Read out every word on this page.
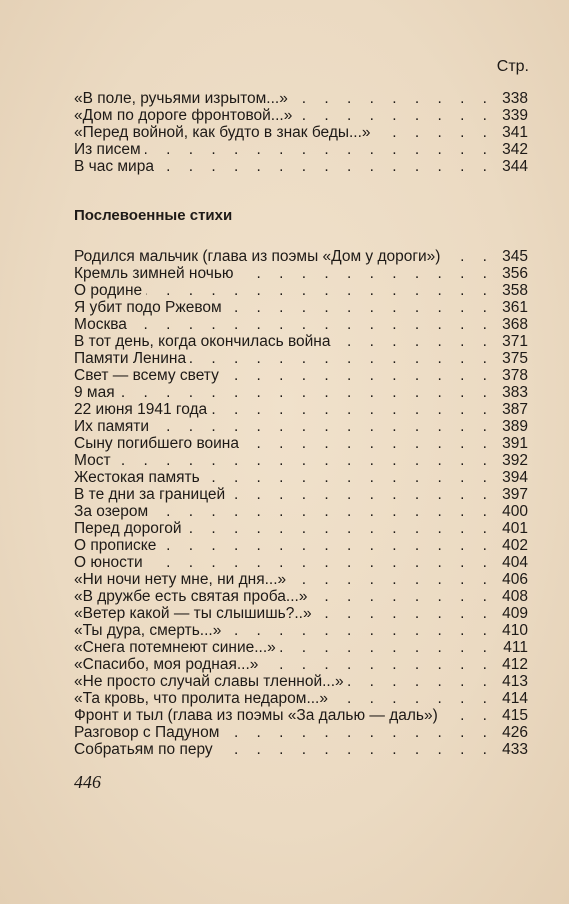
Стр.
«В поле, ручьями изрытом...» . . .	338
«Дом по дороге фронтовой...» . . .	339
«Перед войной, как будто в знак беды...» . . .	341
Из писем . . .	342
В час мира . . .	344
Послевоенные стихи
Родился мальчик (глава из поэмы «Дом у дороги») . . .	345
Кремль зимней ночью . . .	356
О родине . . .	358
Я убит подо Ржевом . . .	361
Москва . . .	368
В тот день, когда окончилась война . . .	371
Памяти Ленина . . .	375
Свет — всему свету . . .	378
9 мая . . .	383
22 июня 1941 года . . .	387
Их памяти . . .	389
Сыну погибшего воина . . .	391
Мост . . .	392
Жестокая память . . .	394
В те дни за границей . . .	397
За озером . . .	400
Перед дорогой . . .	401
О прописке . . .	402
О юности . . .	404
«Ни ночи нету мне, ни дня...» . . .	406
«В дружбе есть святая проба...» . . .	408
«Ветер какой — ты слышишь?..» . . .	409
«Ты дура, смерть...» . . .	410
«Снега потемнеют синие...» . . .	411
«Спасибо, моя родная...» . . .	412
«Не просто случай славы тленной...» . . .	413
«Та кровь, что пролита недаром...» . . .	414
Фронт и тыл (глава из поэмы «За далью — даль») . . .	415
Разговор с Падуном . . .	426
Собратьям по перу . . .	433
446
